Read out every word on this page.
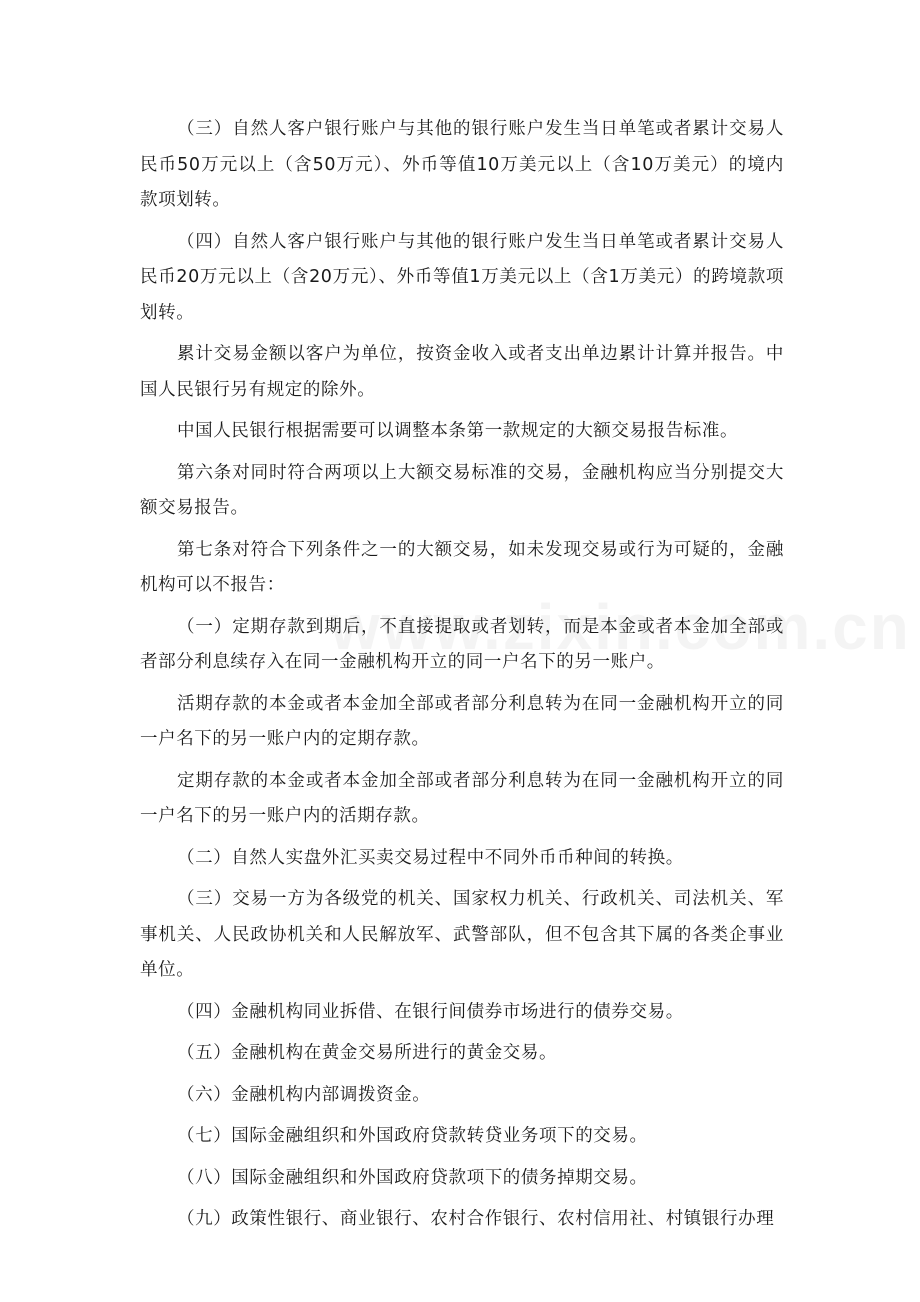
（三）自然人客户银行账户与其他的银行账户发生当日单笔或者累计交易人民币50万元以上（含50万元）、外币等值10万美元以上（含10万美元）的境内款项划转。

（四）自然人客户银行账户与其他的银行账户发生当日单笔或者累计交易人民币20万元以上（含20万元）、外币等值1万美元以上（含1万美元）的跨境款项划转。

累计交易金额以客户为单位，按资金收入或者支出单边累计计算并报告。中国人民银行另有规定的除外。

中国人民银行根据需要可以调整本条第一款规定的大额交易报告标准。

第六条对同时符合两项以上大额交易标准的交易，金融机构应当分别提交大额交易报告。

第七条对符合下列条件之一的大额交易，如未发现交易或行为可疑的，金融机构可以不报告：

（一）定期存款到期后，不直接提取或者划转，而是本金或者本金加全部或者部分利息续存入在同一金融机构开立的同一户名下的另一账户。

活期存款的本金或者本金加全部或者部分利息转为在同一金融机构开立的同一户名下的另一账户内的定期存款。

定期存款的本金或者本金加全部或者部分利息转为在同一金融机构开立的同一户名下的另一账户内的活期存款。

（二）自然人实盘外汇买卖交易过程中不同外币币种间的转换。

（三）交易一方为各级党的机关、国家权力机关、行政机关、司法机关、军事机关、人民政协机关和人民解放军、武警部队，但不包含其下属的各类企事业单位。

（四）金融机构同业拆借、在银行间债券市场进行的债券交易。

（五）金融机构在黄金交易所进行的黄金交易。

（六）金融机构内部调拨资金。

（七）国际金融组织和外国政府贷款转贷业务项下的交易。

（八）国际金融组织和外国政府贷款项下的债务掉期交易。

（九）政策性银行、商业银行、农村合作银行、农村信用社、村镇银行办理
